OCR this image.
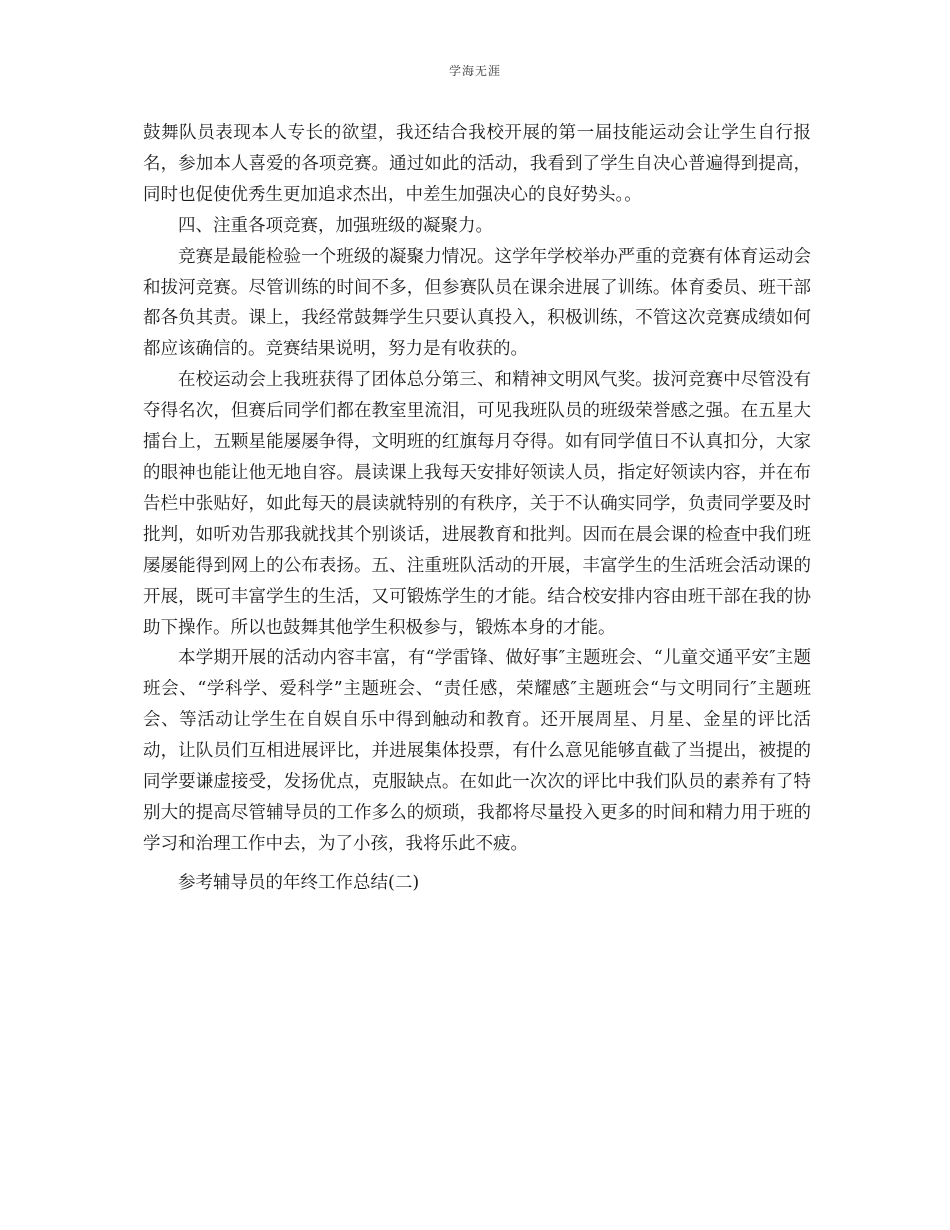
学海无涯

鼓舞队员表现本人专长的欲望，我还结合我校开展的第一届技能运动会让学生自行报名，参加本人喜爱的各项竞赛。通过如此的活动，我看到了学生自决心普遍得到提高，同时也促使优秀生更加追求杰出，中差生加强决心的良好势头。。

四、注重各项竞赛，加强班级的凝聚力。

竞赛是最能检验一个班级的凝聚力情况。这学年学校举办严重的竞赛有体育运动会和拔河竞赛。尽管训练的时间不多，但参赛队员在课余进展了训练。体育委员、班干部都各负其责。课上，我经常鼓舞学生只要认真投入，积极训练，不管这次竞赛成绩如何都应该确信的。竞赛结果说明，努力是有收获的。

在校运动会上我班获得了团体总分第三、和精神文明风气奖。拔河竞赛中尽管没有夺得名次，但赛后同学们都在教室里流泪，可见我班队员的班级荣誉感之强。在五星大擂台上，五颗星能屡屡争得，文明班的红旗每月夺得。如有同学值日不认真扣分，大家的眼神也能让他无地自容。晨读课上我每天安排好领读人员，指定好领读内容，并在布告栏中张贴好，如此每天的晨读就特别的有秩序，关于不认确实同学，负责同学要及时批判，如听劝告那我就找其个别谈话，进展教育和批判。因而在晨会课的检查中我们班屡屡能得到网上的公布表扬。五、注重班队活动的开展，丰富学生的生活班会活动课的开展，既可丰富学生的生活，又可锻炼学生的才能。结合校安排内容由班干部在我的协助下操作。所以也鼓舞其他学生积极参与，锻炼本身的才能。

本学期开展的活动内容丰富，有“学雷锋、做好事″主题班会、“儿童交通平安″主题班会、“学科学、爱科学”主题班会、“责任感，荣耀感″主题班会“与文明同行″主题班会、等活动让学生在自娱自乐中得到触动和教育。还开展周星、月星、金星的评比活动，让队员们互相进展评比，并进展集体投票，有什么意见能够直截了当提出，被提的同学要谦虚接受，发扬优点，克服缺点。在如此一次次的评比中我们队员的素养有了特别大的提高尽管辅导员的工作多么的烦琐，我都将尽量投入更多的时间和精力用于班的学习和治理工作中去，为了小孩，我将乐此不疲。

参考辅导员的年终工作总结(二)
